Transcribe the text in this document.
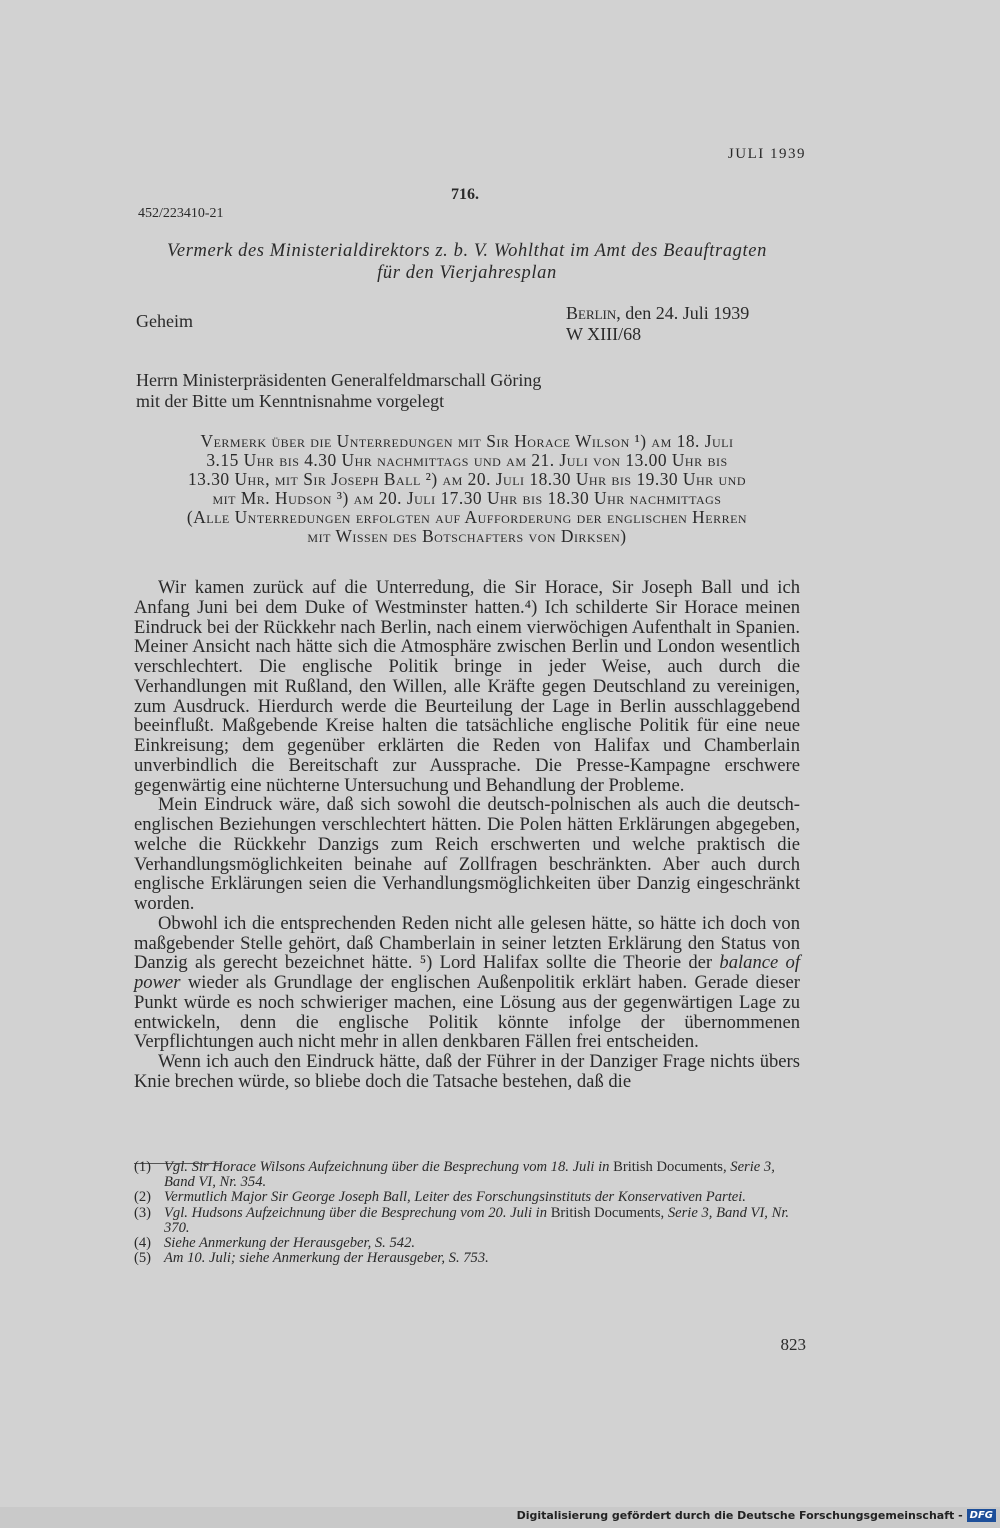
JULI 1939
716.
452/223410-21
Vermerk des Ministerialdirektors z. b. V. Wohlthat im Amt des Beauftragten
für den Vierjahresplan
Geheim	Berlin, den 24. Juli 1939
W XIII/68
Herrn Ministerpräsidenten Generalfeldmarschall Göring
mit der Bitte um Kenntnisnahme vorgelegt
Vermerk über die Unterredungen mit Sir Horace Wilson ¹) am 18. Juli
3.15 Uhr bis 4.30 Uhr nachmittags und am 21. Juli von 13.00 Uhr bis
13.30 Uhr, mit Sir Joseph Ball ²) am 20. Juli 18.30 Uhr bis 19.30 Uhr und
mit Mr. Hudson ³) am 20. Juli 17.30 Uhr bis 18.30 Uhr nachmittags
(Alle Unterredungen erfolgten auf Aufforderung der englischen Herren
mit Wissen des Botschafters von Dirksen)

Wir kamen zurück auf die Unterredung, die Sir Horace, Sir Joseph Ball und ich Anfang Juni bei dem Duke of Westminster hatten.⁴) Ich schilderte Sir Horace meinen Eindruck bei der Rückkehr nach Berlin, nach einem vierwöchigen Aufenthalt in Spanien. Meiner Ansicht nach hätte sich die Atmosphäre zwischen Berlin und London wesentlich verschlechtert. Die englische Politik bringe in jeder Weise, auch durch die Verhandlungen mit Rußland, den Willen, alle Kräfte gegen Deutschland zu vereinigen, zum Ausdruck. Hierdurch werde die Beurteilung der Lage in Berlin ausschlaggebend beeinflußt. Maßgebende Kreise halten die tatsächliche englische Politik für eine neue Einkreisung; dem gegenüber erklärten die Reden von Halifax und Chamberlain unverbindlich die Bereitschaft zur Aussprache. Die Presse-Kampagne erschwere gegenwärtig eine nüchterne Untersuchung und Behandlung der Probleme.

Mein Eindruck wäre, daß sich sowohl die deutsch-polnischen als auch die deutsch-englischen Beziehungen verschlechtert hätten. Die Polen hätten Erklärungen abgegeben, welche die Rückkehr Danzigs zum Reich erschwerten und welche praktisch die Verhandlungsmöglichkeiten beinahe auf Zollfragen beschränkten. Aber auch durch englische Erklärungen seien die Verhandlungsmöglichkeiten über Danzig eingeschränkt worden.

Obwohl ich die entsprechenden Reden nicht alle gelesen hätte, so hätte ich doch von maßgebender Stelle gehört, daß Chamberlain in seiner letzten Erklärung den Status von Danzig als gerecht bezeichnet hätte. ⁵) Lord Halifax sollte die Theorie der balance of power wieder als Grundlage der englischen Außenpolitik erklärt haben. Gerade dieser Punkt würde es noch schwieriger machen, eine Lösung aus der gegenwärtigen Lage zu entwickeln, denn die englische Politik könnte infolge der übernommenen Verpflichtungen auch nicht mehr in allen denkbaren Fällen frei entscheiden.

Wenn ich auch den Eindruck hätte, daß der Führer in der Danziger Frage nichts übers Knie brechen würde, so bliebe doch die Tatsache bestehen, daß die

(1) Vgl. Sir Horace Wilsons Aufzeichnung über die Besprechung vom 18. Juli in British Documents, Serie 3, Band VI, Nr. 354.
(2) Vermutlich Major Sir George Joseph Ball, Leiter des Forschungsinstituts der Konservativen Partei.
(3) Vgl. Hudsons Aufzeichnung über die Besprechung vom 20. Juli in British Documents, Serie 3, Band VI, Nr. 370.
(4) Siehe Anmerkung der Herausgeber, S. 542.
(5) Am 10. Juli; siehe Anmerkung der Herausgeber, S. 753.
823
Digitalisierung gefördert durch die Deutsche Forschungsgemeinschaft - DFG
